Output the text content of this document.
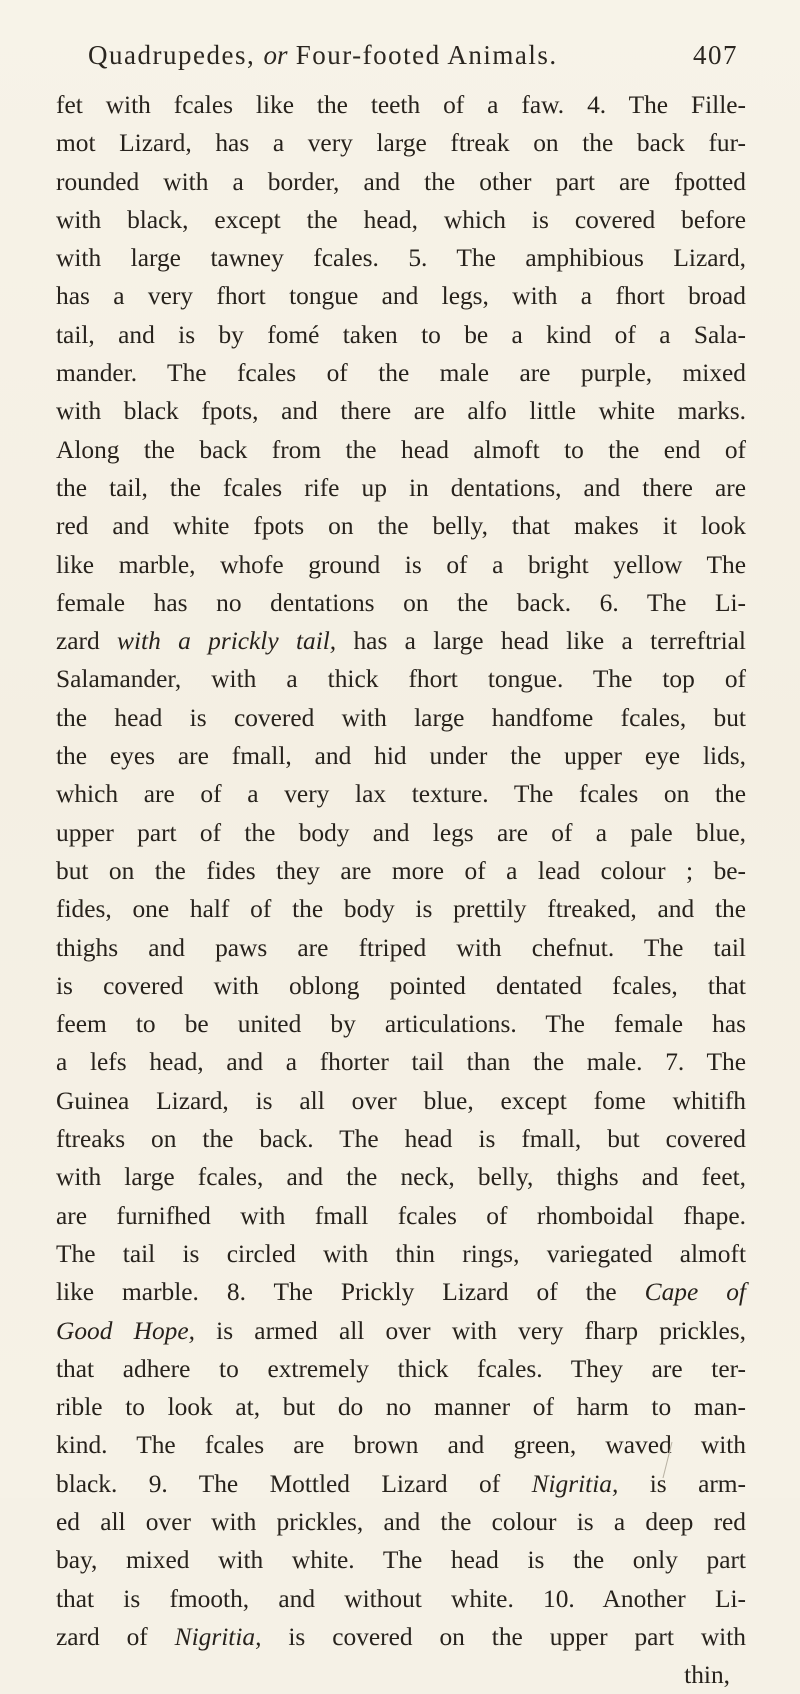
Quadrupedes, or Four-footed Animals.	407
fet with fcales like the teeth of a faw. 4. The Fille-
mot Lizard, has a very large ftreak on the back fur-
rounded with a border, and the other part are fpotted
with black, except the head, which is covered before
with large tawney fcales. 5. The amphibious Lizard,
has a very fhort tongue and legs, with a fhort broad
tail, and is by fomé taken to be a kind of a Sala-
mander. The fcales of the male are purple, mixed
with black fpots, and there are alfo little white marks.
Along the back from the head almoft to the end of
the tail, the fcales rife up in dentations, and there are
red and white fpots on the belly, that makes it look
like marble, whofe ground is of a bright yellow The
female has no dentations on the back. 6. The Li-
zard with a prickly tail, has a large head like a terreftrial
Salamander, with a thick fhort tongue. The top of
the head is covered with large handfome fcales, but
the eyes are fmall, and hid under the upper eye lids,
which are of a very lax texture. The fcales on the
upper part of the body and legs are of a pale blue,
but on the fides they are more of a lead colour ; be-
fides, one half of the body is prettily ftreaked, and the
thighs and paws are ftriped with chefnut. The tail
is covered with oblong pointed dentated fcales, that
feem to be united by articulations. The female has
a lefs head, and a fhorter tail than the male. 7. The
Guinea Lizard, is all over blue, except fome whitifh
ftreaks on the back. The head is fmall, but covered
with large fcales, and the neck, belly, thighs and feet,
are furnifhed with fmall fcales of rhomboidal fhape.
The tail is circled with thin rings, variegated almoft
like marble. 8. The Prickly Lizard of the Cape of
Good Hope, is armed all over with very fharp prickles,
that adhere to extremely thick fcales. They are ter-
rible to look at, but do no manner of harm to man-
kind. The fcales are brown and green, waved with
black. 9. The Mottled Lizard of Nigritia, is arm-
ed all over with prickles, and the colour is a deep red
bay, mixed with white. The head is the only part
that is fmooth, and without white. 10. Another Li-
zard of Nigritia, is covered on the upper part with
thin,
